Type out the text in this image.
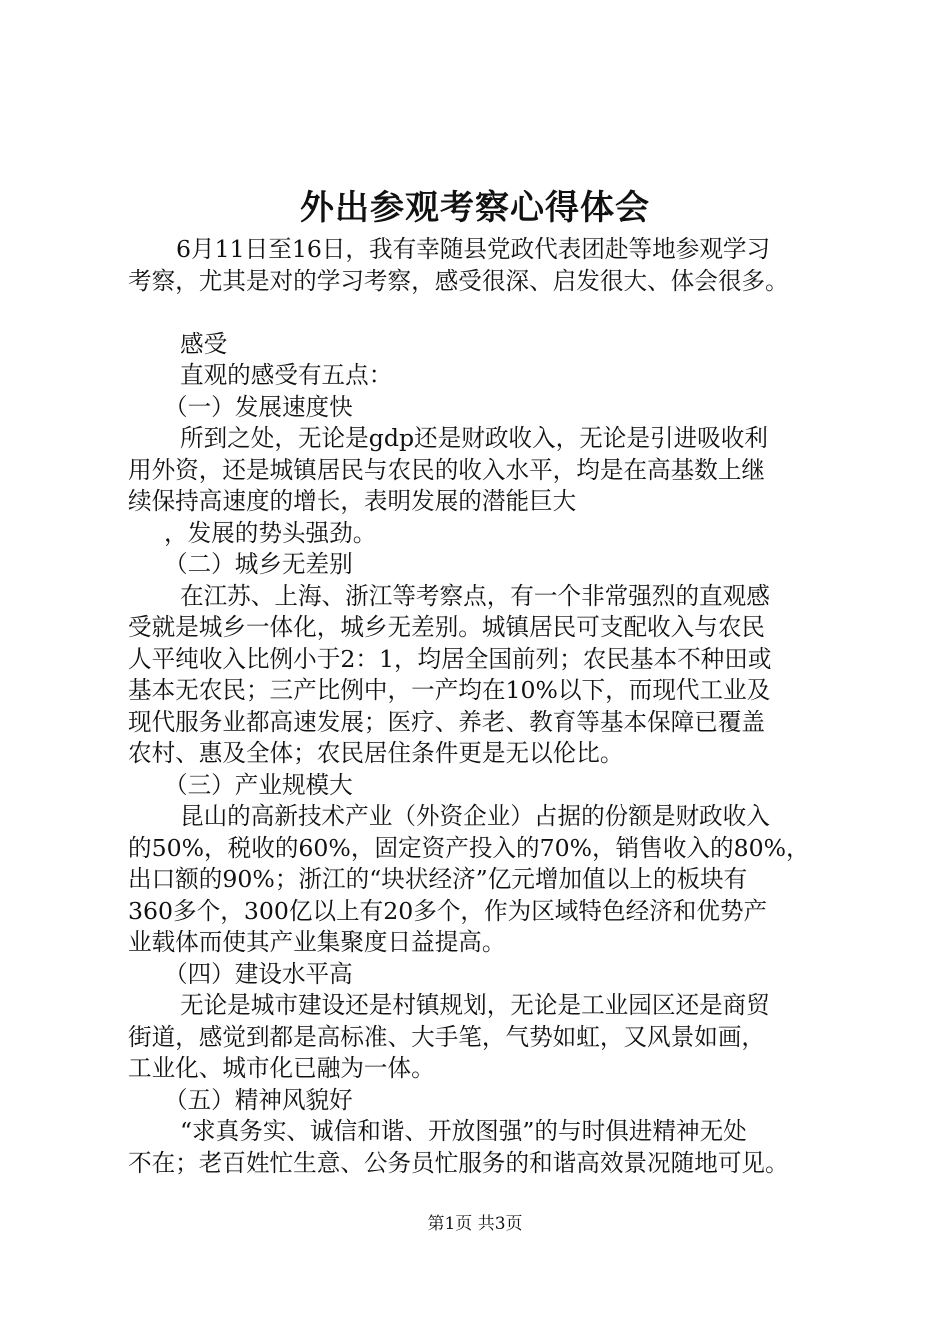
外出参观考察心得体会

6月11日至16日，我有幸随县党政代表团赴等地参观学习

考察，尤其是对的学习考察，感受很深、启发很大、体会很多。

感受

直观的感受有五点：

（一）发展速度快

所到之处，无论是gdp还是财政收入，无论是引进吸收利

用外资，还是城镇居民与农民的收入水平，均是在高基数上继

续保持高速度的增长，表明发展的潜能巨大

，发展的势头强劲。

（二）城乡无差别

在江苏、上海、浙江等考察点，有一个非常强烈的直观感

受就是城乡一体化，城乡无差别。城镇居民可支配收入与农民

人平纯收入比例小于2：1，均居全国前列；农民基本不种田或

基本无农民；三产比例中，一产均在10%以下，而现代工业及

现代服务业都高速发展；医疗、养老、教育等基本保障已覆盖

农村、惠及全体；农民居住条件更是无以伦比。

（三）产业规模大

昆山的高新技术产业（外资企业）占据的份额是财政收入

的50%，税收的60%，固定资产投入的70%，销售收入的80%，

出口额的90%；浙江的“块状经济”亿元增加值以上的板块有

360多个，300亿以上有20多个，作为区域特色经济和优势产

业载体而使其产业集聚度日益提高。

（四）建设水平高

无论是城市建设还是村镇规划，无论是工业园区还是商贸

街道，感觉到都是高标准、大手笔，气势如虹，又风景如画，

工业化、城市化已融为一体。

（五）精神风貌好

“求真务实、诚信和谐、开放图强”的与时俱进精神无处

不在；老百姓忙生意、公务员忙服务的和谐高效景况随地可见。

第1页 共3页
